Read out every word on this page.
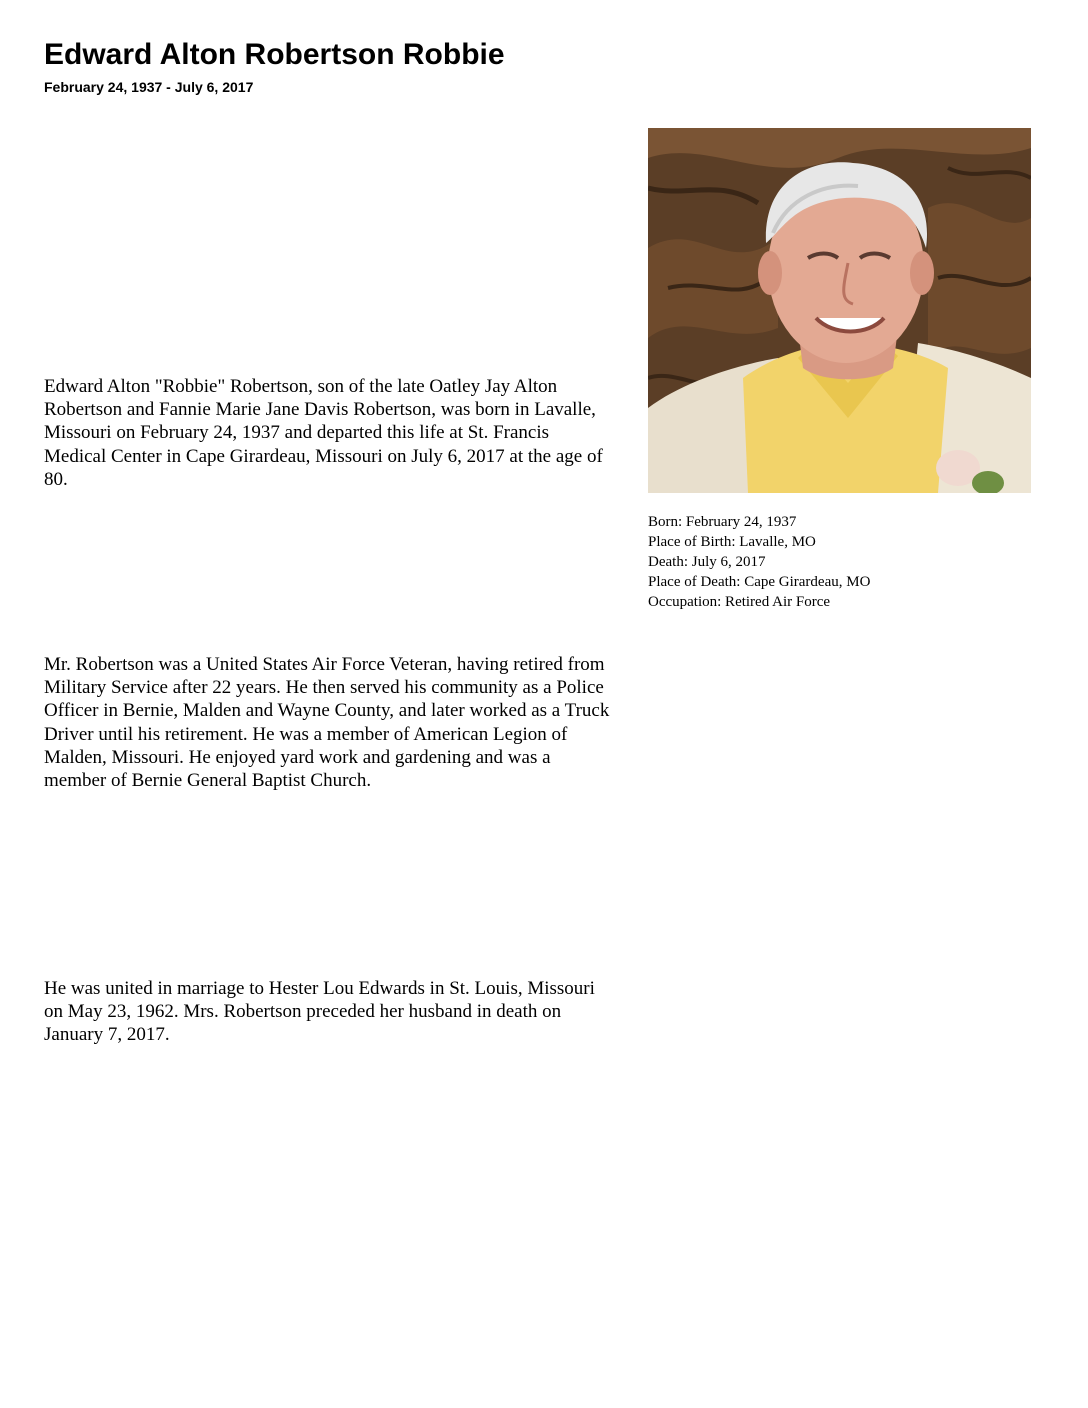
Edward Alton Robertson Robbie
February 24, 1937 - July 6, 2017

Edward Alton "Robbie" Robertson, son of the late Oatley Jay Alton Robertson and Fannie Marie Jane Davis Robertson, was born in Lavalle, Missouri on February 24, 1937 and departed this life at St. Francis Medical Center in Cape Girardeau, Missouri on July 6, 2017 at the age of 80.

Mr. Robertson was a United States Air Force Veteran, having retired from Military Service after 22 years. He then served his community as a Police Officer in Bernie, Malden and Wayne County, and later worked as a Truck Driver until his retirement. He was a member of American Legion of Malden, Missouri. He enjoyed yard work and gardening and was a member of Bernie General Baptist Church.

He was united in marriage to Hester Lou Edwards in St. Louis, Missouri on May 23, 1962. Mrs. Robertson preceded her husband in death on January 7, 2017.

Born: February 24, 1937
Place of Birth: Lavalle, MO
Death: July 6, 2017
Place of Death: Cape Girardeau, MO
Occupation: Retired Air Force
